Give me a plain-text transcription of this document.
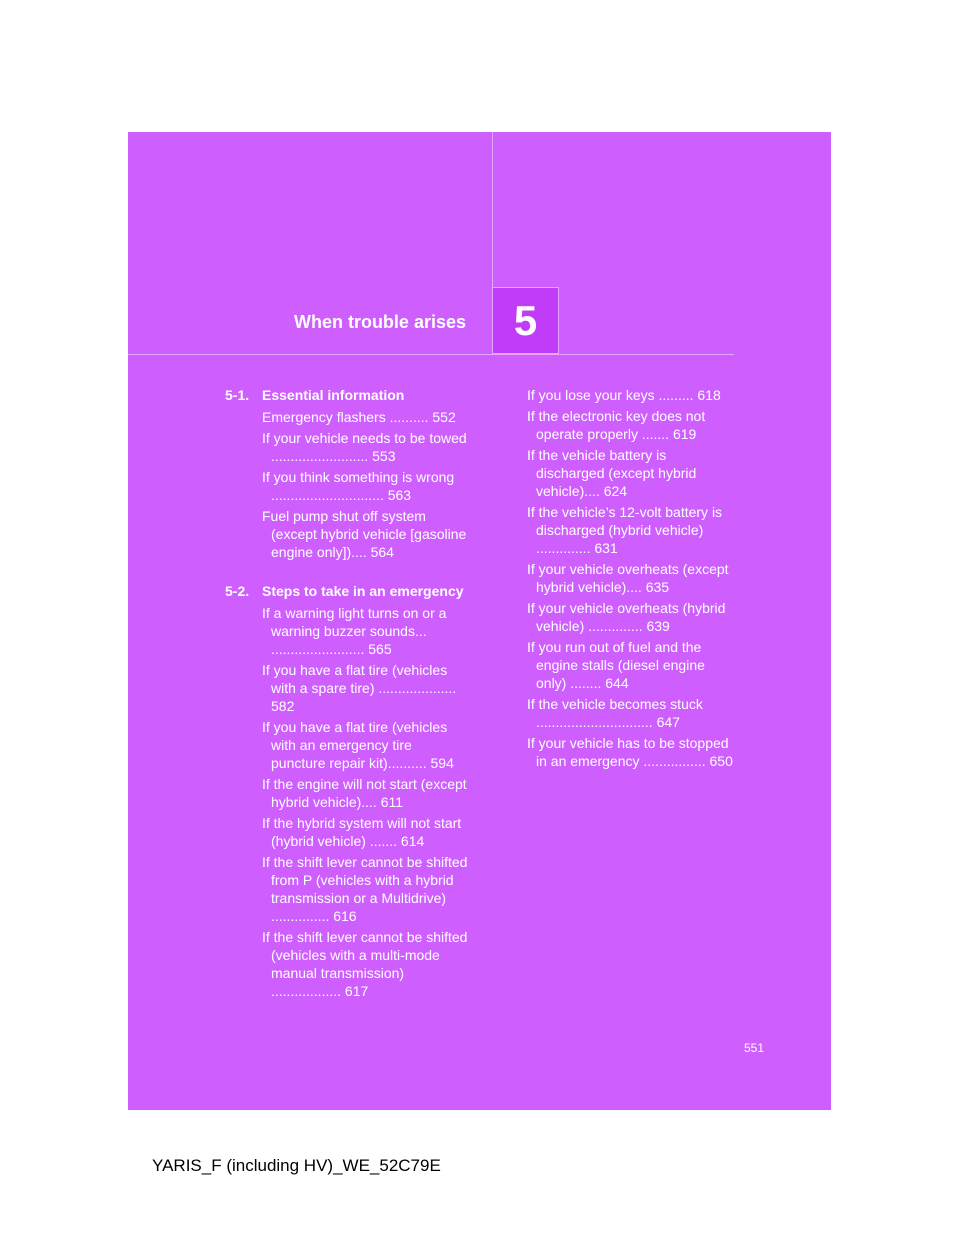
When trouble arises 5
5-1. Essential information
Emergency flashers .......... 552
If your vehicle needs to be towed ......................... 553
If you think something is wrong ............................. 563
Fuel pump shut off system (except hybrid vehicle [gasoline engine only]).... 564
5-2. Steps to take in an emergency
If a warning light turns on or a warning buzzer sounds... ........................ 565
If you have a flat tire (vehicles with a spare tire) .................... 582
If you have a flat tire (vehicles with an emergency tire puncture repair kit).......... 594
If the engine will not start (except hybrid vehicle).... 611
If the hybrid system will not start (hybrid vehicle) ....... 614
If the shift lever cannot be shifted from P (vehicles with a hybrid transmission or a Multidrive) ............... 616
If the shift lever cannot be shifted (vehicles with a multi-mode manual transmission) .................. 617
If you lose your keys ......... 618
If the electronic key does not operate properly ....... 619
If the vehicle battery is discharged (except hybrid vehicle).... 624
If the vehicle’s 12-volt battery is discharged (hybrid vehicle) .............. 631
If your vehicle overheats (except hybrid vehicle).... 635
If your vehicle overheats (hybrid vehicle) .............. 639
If you run out of fuel and the engine stalls (diesel engine only) ........ 644
If the vehicle becomes stuck .............................. 647
If your vehicle has to be stopped in an emergency ................ 650
551
YARIS_F (including HV)_WE_52C79E
